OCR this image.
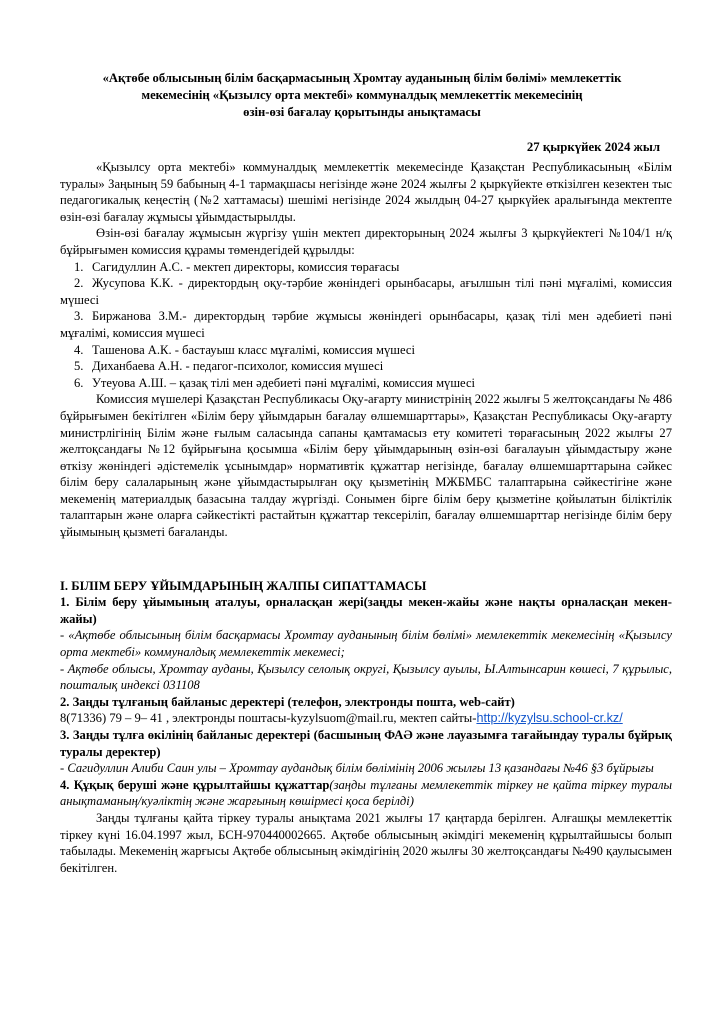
«Ақтөбе облысының білім басқармасының Хромтау ауданының білім бөлімі» мемлекеттік
мекемесінің «Қызылсу орта мектебі» коммуналдық мемлекеттік мекемесінің
өзін-өзі бағалау қорытынды анықтамасы
27 қыркүйек 2024 жыл

«Қызылсу орта мектебі» коммуналдық мемлекеттік мекемесінде Қазақстан Республикасының «Білім туралы» Заңының 59 бабының 4-1 тармақшасы негізінде және 2024 жылғы 2 қыркүйекте өткізілген кезектен тыс педагогикалық кеңестің (№2 хаттамасы) шешімі негізінде 2024 жылдың 04-27 қыркүйек аралығында мектепте өзін-өзі бағалау жұмысы ұйымдастырылды.

Өзін-өзі бағалау жұмысын жүргізу үшін мектеп директорының 2024 жылғы 3 қыркүйектегі №104/1 н/қ бұйрығымен комиссия құрамы төмендегідей құрылды:

1. Сагидуллин А.С. - мектеп директоры, комиссия төрағасы
2. Жусупова К.К. - директордың оқу-тәрбие жөніндегі орынбасары, ағылшын тілі пәні мұғалімі, комиссия мүшесі
3. Биржанова З.М.- директордың тәрбие жұмысы жөніндегі орынбасары, қазақ тілі мен әдебиеті пәні мұғалімі, комиссия мүшесі
4. Ташенова А.К. - бастауыш класс мұғалімі, комиссия мүшесі
5. Диханбаева А.Н. - педагог-психолог, комиссия мүшесі
6. Утеуова А.Ш. – қазақ тілі мен әдебиеті пәні мұғалімі, комиссия мүшесі

Комиссия мүшелері Қазақстан Республикасы Оқу-ағарту министрінің 2022 жылғы 5 желтоқсандағы № 486 бұйрығымен бекітілген «Білім беру ұйымдарын бағалау өлшемшарттары», Қазақстан Республикасы Оқу-ағарту министрлігінің Білім және ғылым саласында сапаны қамтамасыз ету комитеті төрағасының 2022 жылғы 27 желтоқсандағы №12 бұйрығына қосымша «Білім беру ұйымдарының өзін-өзі бағалауын ұйымдастыру және өткізу жөніндегі әдістемелік ұсынымдар» нормативтік құжаттар негізінде, бағалау өлшемшарттарына сәйкес білім беру салаларының және ұйымдастырылған оқу қызметінің МЖБМБС талаптарына сәйкестігіне және мекеменің материалдық базасына талдау жүргізді. Сонымен бірге білім беру қызметіне қойылатын біліктілік талаптарын және оларға сәйкестікті растайтын құжаттар тексеріліп, бағалау өлшемшарттар негізінде білім беру ұйымының қызметі бағаланды.

I. БІЛІМ БЕРУ ҰЙЫМДАРЫНЫҢ ЖАЛПЫ СИПАТТАМАСЫ

1. Білім беру ұйымының аталуы, орналасқан жері(заңды мекен-жайы және нақты орналасқан мекен-жайы)

- «Ақтөбе облысының білім басқармасы Хромтау ауданының білім бөлімі» мемлекеттік мекемесінің «Қызылсу орта мектебі» коммуналдық мемлекеттік мекемесі;

- Ақтөбе облысы, Хромтау ауданы, Қызылсу селолық округі, Қызылсу ауылы, Ы.Алтынсарин көшесі, 7 құрылыс, пошталық индексі 031108

2. Заңды тұлғаның байланыс деректері (телефон, электронды пошта, web-сайт)

8(71336) 79 – 9– 41 , электронды поштасы-kyzylsuom@mail.ru, мектеп сайты-http://kyzylsu.school-cr.kz/

3. Заңды тұлға өкілінің байланыс деректері (басшының ФАӘ және лауазымға тағайындау туралы бұйрық туралы деректер)

- Сагидуллин Алиби Саин улы – Хромтау аудандық білім бөлімінің 2006 жылғы 13 қазандағы №46 §3 бұйрығы

4. Құқық беруші және құрылтайшы құжаттар(заңды тұлғаны мемлекеттік тіркеу не қайта тіркеу туралы анықтаманың/куәліктің және жарғының көшірмесі қоса берілді)

Заңды тұлғаны қайта тіркеу туралы анықтама 2021 жылғы 17 қаңтарда берілген. Алғашқы мемлекеттік тіркеу күні 16.04.1997 жыл, БСН-970440002665. Ақтөбе облысының әкімдігі мекеменің құрылтайшысы болып табылады. Мекеменің жарғысы Ақтөбе облысының әкімдігінің 2020 жылғы 30 желтоқсандағы №490 қаулысымен бекітілген.
